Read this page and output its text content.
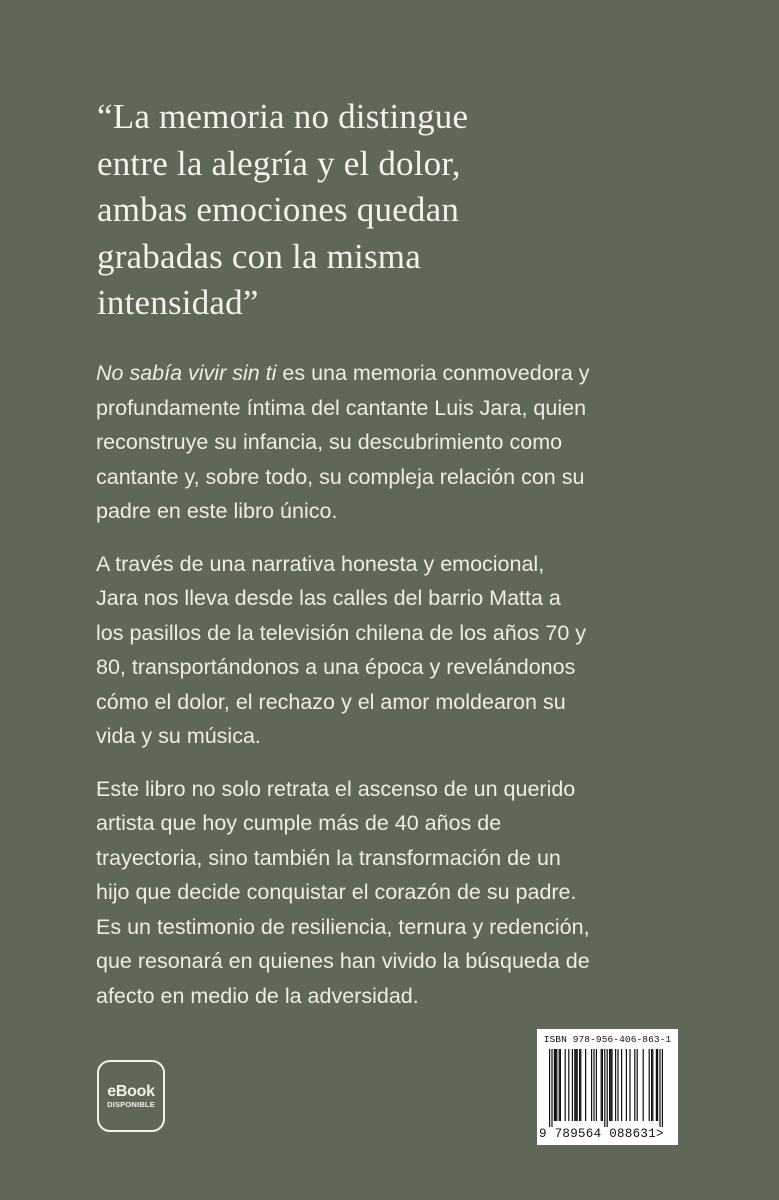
“La memoria no distingue
entre la alegría y el dolor,
ambas emociones quedan
grabadas con la misma
intensidad”
No sabía vivir sin ti es una memoria conmovedora y
profundamente íntima del cantante Luis Jara, quien
reconstruye su infancia, su descubrimiento como
cantante y, sobre todo, su compleja relación con su
padre en este libro único.
A través de una narrativa honesta y emocional,
Jara nos lleva desde las calles del barrio Matta a
los pasillos de la televisión chilena de los años 70 y
80, transportándonos a una época y revelándonos
cómo el dolor, el rechazo y el amor moldearon su
vida y su música.
Este libro no solo retrata el ascenso de un querido
artista que hoy cumple más de 40 años de
trayectoria, sino también la transformación de un
hijo que decide conquistar el corazón de su padre.
Es un testimonio de resiliencia, ternura y redención,
que resonará en quienes han vivido la búsqueda de
afecto en medio de la adversidad.
eBook
DISPONIBLE
ISBN 978-956-406-863-1
9 789564 088631>
